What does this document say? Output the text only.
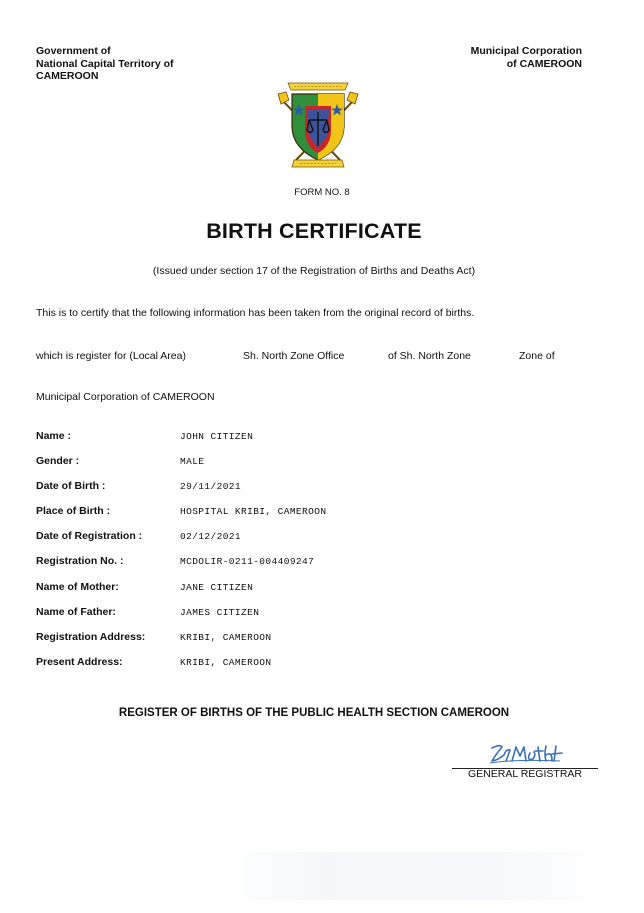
Government of
National Capital Territory of
CAMEROON
Municipal Corporation
of CAMEROON
FORM NO. 8
BIRTH CERTIFICATE
(Issued under section 17 of the Registration of Births and Deaths Act)
This is to certify that the following information has been taken from the original record of births.
which is register for (Local Area)	Sh. North Zone Office	of Sh. North Zone	Zone of
Municipal Corporation of CAMEROON
Name :	JOHN CITIZEN
Gender :	MALE
Date of Birth :	29/11/2021
Place of Birth :	HOSPITAL KRIBI, CAMEROON
Date of Registration :	02/12/2021
Registration No. :	MCDOLIR-0211-004409247
Name of Mother:	JANE CITIZEN
Name of Father:	JAMES CITIZEN
Registration Address:	KRIBI, CAMEROON
Present Address:	KRIBI, CAMEROON
REGISTER OF BIRTHS OF THE PUBLIC HEALTH SECTION CAMEROON
GENERAL REGISTRAR
